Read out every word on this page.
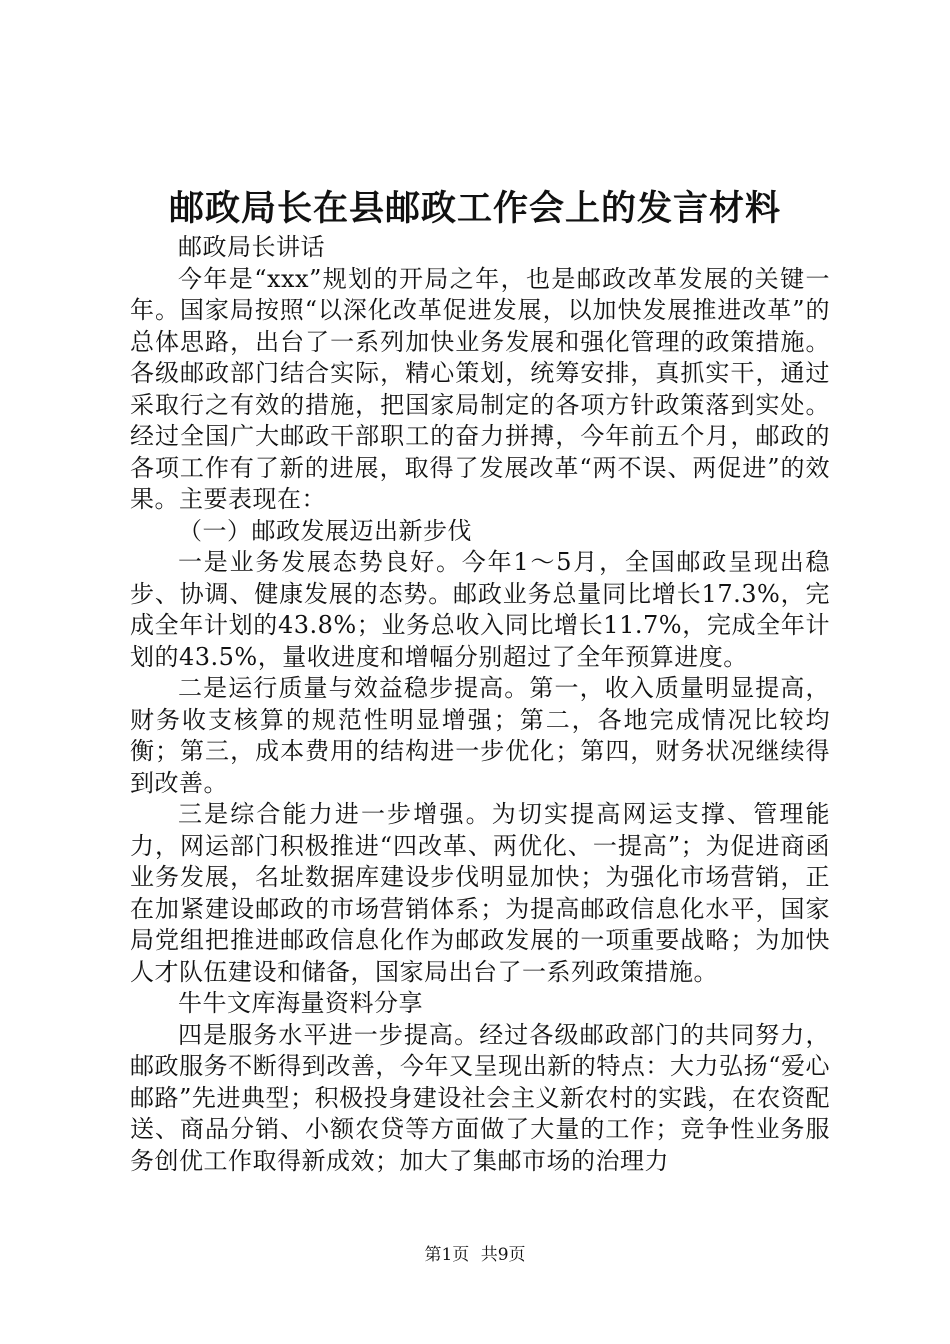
邮政局长在县邮政工作会上的发言材料

邮政局长讲话

今年是“xxx”规划的开局之年，也是邮政改革发展的关键一年。国家局按照“以深化改革促进发展，以加快发展推进改革”的总体思路，出台了一系列加快业务发展和强化管理的政策措施。各级邮政部门结合实际，精心策划，统筹安排，真抓实干，通过采取行之有效的措施，把国家局制定的各项方针政策落到实处。经过全国广大邮政干部职工的奋力拼搏，今年前五个月，邮政的各项工作有了新的进展，取得了发展改革“两不误、两促进”的效果。主要表现在：

（一）邮政发展迈出新步伐

一是业务发展态势良好。今年1～5月，全国邮政呈现出稳步、协调、健康发展的态势。邮政业务总量同比增长17.3%，完成全年计划的43.8%；业务总收入同比增长11.7%，完成全年计划的43.5%，量收进度和增幅分别超过了全年预算进度。

二是运行质量与效益稳步提高。第一，收入质量明显提高，财务收支核算的规范性明显增强；第二，各地完成情况比较均衡；第三，成本费用的结构进一步优化；第四，财务状况继续得到改善。

三是综合能力进一步增强。为切实提高网运支撑、管理能力，网运部门积极推进“四改革、两优化、一提高”；为促进商函业务发展，名址数据库建设步伐明显加快；为强化市场营销，正在加紧建设邮政的市场营销体系；为提高邮政信息化水平，国家局党组把推进邮政信息化作为邮政发展的一项重要战略；为加快人才队伍建设和储备，国家局出台了一系列政策措施。

牛牛文库海量资料分享

四是服务水平进一步提高。经过各级邮政部门的共同努力，邮政服务不断得到改善，今年又呈现出新的特点：大力弘扬“爱心邮路”先进典型；积极投身建设社会主义新农村的实践，在农资配送、商品分销、小额农贷等方面做了大量的工作；竞争性业务服务创优工作取得新成效；加大了集邮市场的治理力

第1页 共9页
